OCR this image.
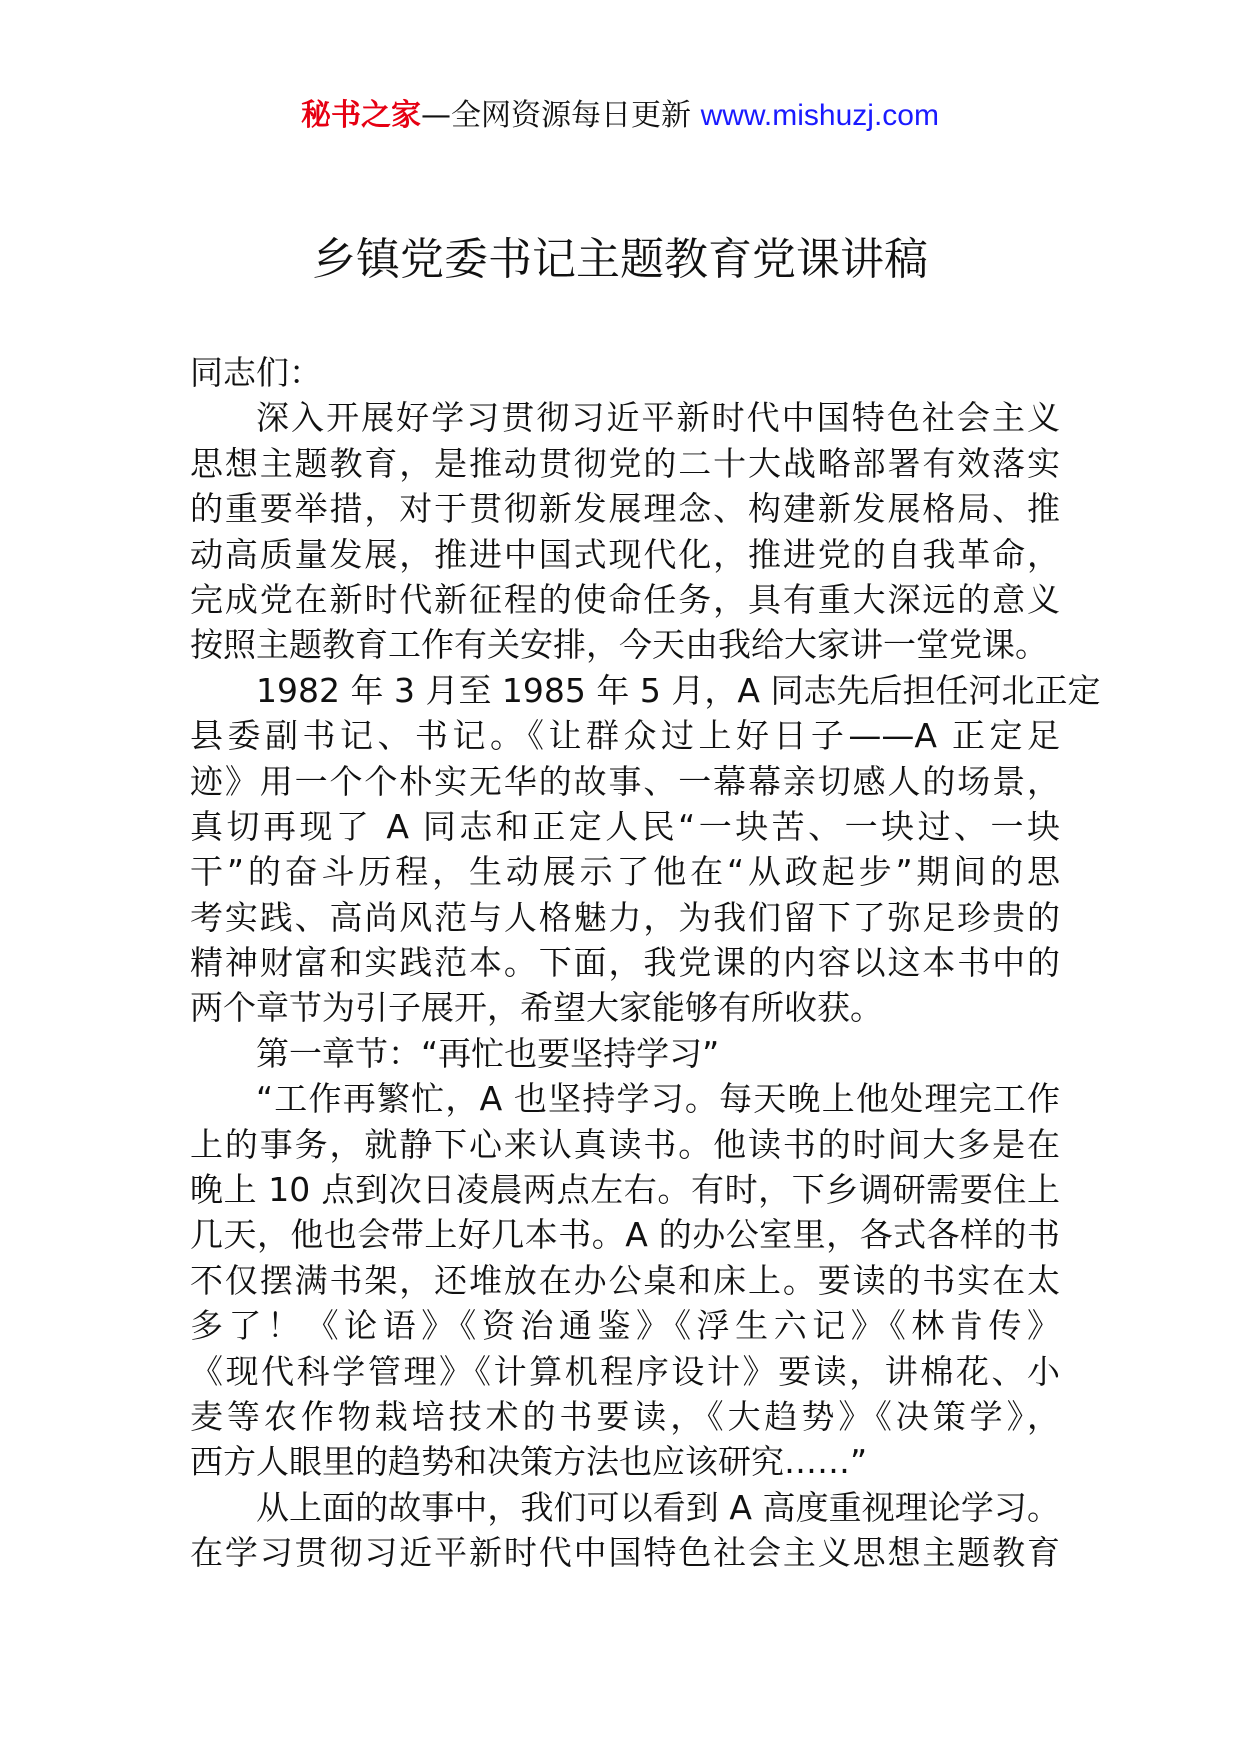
秘书之家—全网资源每日更新 www.mishuzj.com
乡镇党委书记主题教育党课讲稿
同志们：
深入开展好学习贯彻习近平新时代中国特色社会主义
思想主题教育，是推动贯彻党的二十大战略部署有效落实
的重要举措，对于贯彻新发展理念、构建新发展格局、推
动高质量发展，推进中国式现代化，推进党的自我革命，
完成党在新时代新征程的使命任务，具有重大深远的意义
按照主题教育工作有关安排，今天由我给大家讲一堂党课。
1982 年 3 月至 1985 年 5 月，A 同志先后担任河北正定
县委副书记、书记。《让群众过上好日子——A 正定足
迹》用一个个朴实无华的故事、一幕幕亲切感人的场景，
真切再现了 A 同志和正定人民“一块苦、一块过、一块
干”的奋斗历程，生动展示了他在“从政起步”期间的思
考实践、高尚风范与人格魅力，为我们留下了弥足珍贵的
精神财富和实践范本。下面，我党课的内容以这本书中的
两个章节为引子展开，希望大家能够有所收获。
第一章节：“再忙也要坚持学习”
“工作再繁忙，A 也坚持学习。每天晚上他处理完工作
上的事务，就静下心来认真读书。他读书的时间大多是在
晚上 10 点到次日凌晨两点左右。有时，下乡调研需要住上
几天，他也会带上好几本书。A 的办公室里，各式各样的书
不仅摆满书架，还堆放在办公桌和床上。要读的书实在太
多了！《论语》《资治通鉴》《浮生六记》《林肯传》
《现代科学管理》《计算机程序设计》要读，讲棉花、小
麦等农作物栽培技术的书要读，《大趋势》《决策学》，
西方人眼里的趋势和决策方法也应该研究……”
从上面的故事中，我们可以看到 A 高度重视理论学习。
在学习贯彻习近平新时代中国特色社会主义思想主题教育
